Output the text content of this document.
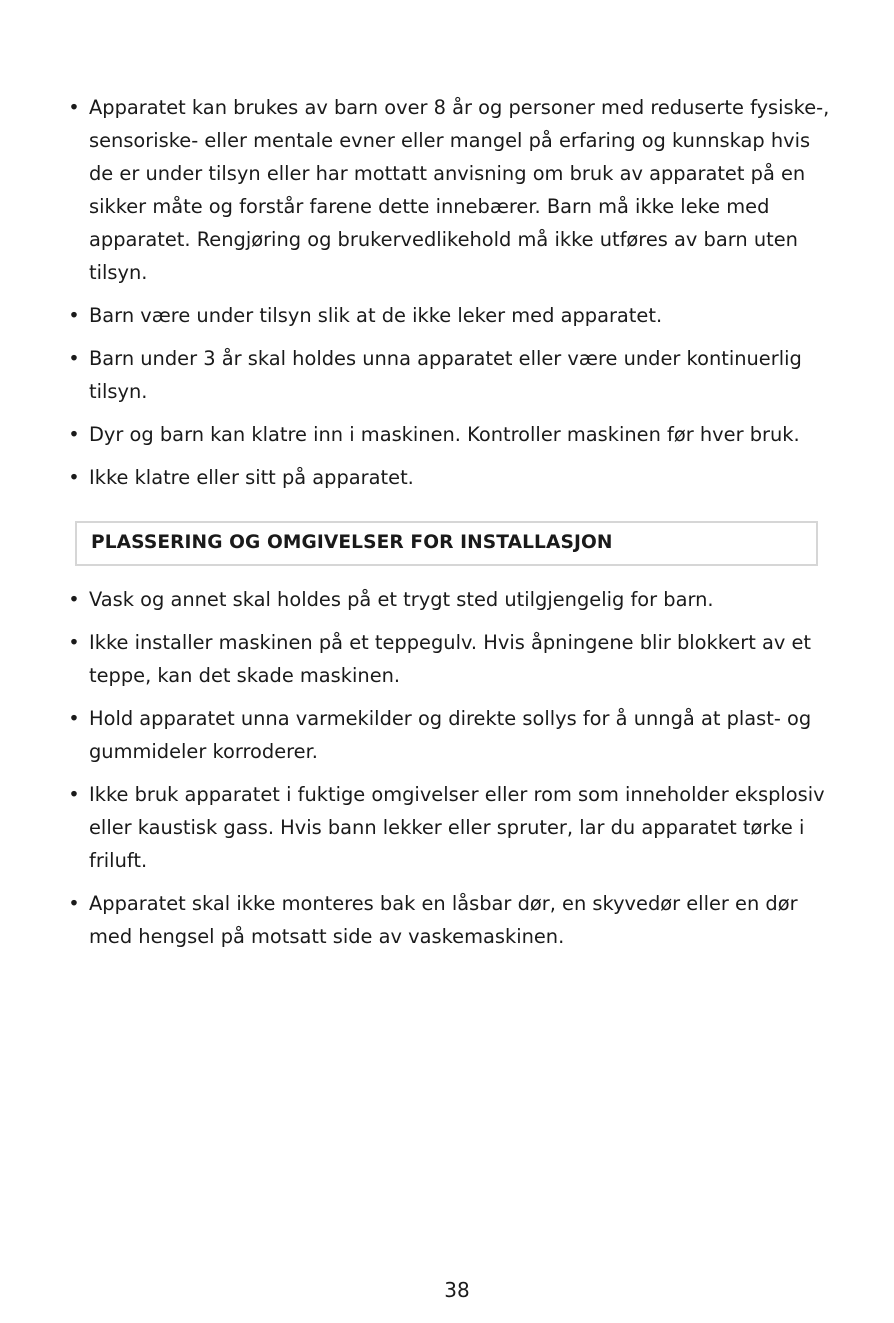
• Apparatet kan brukes av barn over 8 år og personer med reduserte fysiske-, sensoriske- eller mentale evner eller mangel på erfaring og kunnskap hvis de er under tilsyn eller har mottatt anvisning om bruk av apparatet på en sikker måte og forstår farene dette innebærer. Barn må ikke leke med apparatet. Rengjøring og brukervedlikehold må ikke utføres av barn uten tilsyn.
• Barn være under tilsyn slik at de ikke leker med apparatet.
• Barn under 3 år skal holdes unna apparatet eller være under kontinuerlig tilsyn.
• Dyr og barn kan klatre inn i maskinen. Kontroller maskinen før hver bruk.
• Ikke klatre eller sitt på apparatet.
PLASSERING OG OMGIVELSER FOR INSTALLASJON
• Vask og annet skal holdes på et trygt sted utilgjengelig for barn.
• Ikke installer maskinen på et teppegulv. Hvis åpningene blir blokkert av et teppe, kan det skade maskinen.
• Hold apparatet unna varmekilder og direkte sollys for å unngå at plast- og gummideler korroderer.
• Ikke bruk apparatet i fuktige omgivelser eller rom som inneholder eksplosiv eller kaustisk gass. Hvis bann lekker eller spruter, lar du apparatet tørke i friluft.
• Apparatet skal ikke monteres bak en låsbar dør, en skyvedør eller en dør med hengsel på motsatt side av vaskemaskinen.
38
